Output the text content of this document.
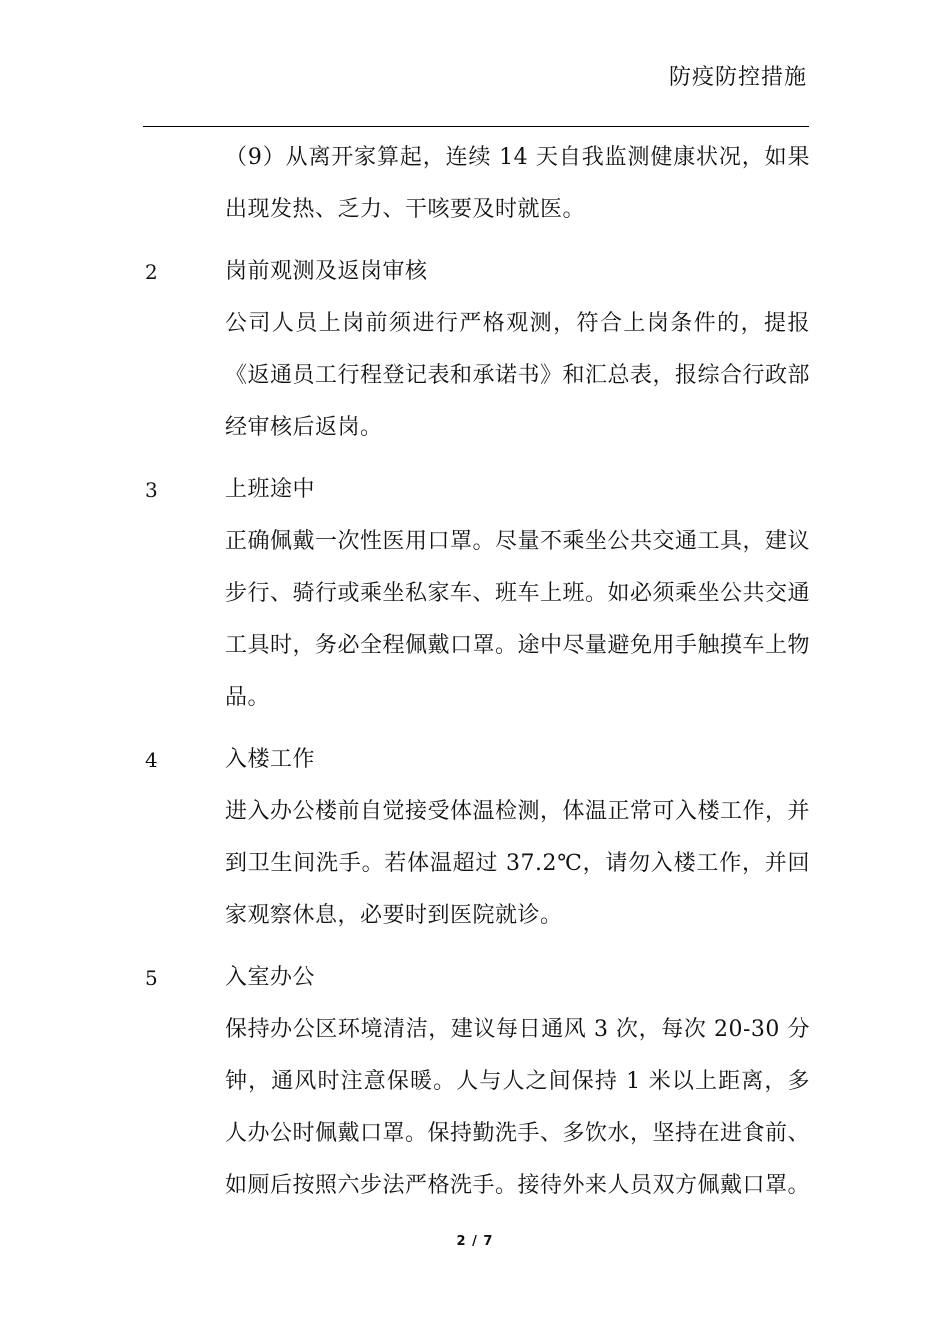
防疫防控措施
（9）从离开家算起，连续 14 天自我监测健康状况，如果出现发热、乏力、干咳要及时就医。
2	岗前观测及返岗审核
公司人员上岗前须进行严格观测，符合上岗条件的，提报《返通员工行程登记表和承诺书》和汇总表，报综合行政部经审核后返岗。
3	上班途中
正确佩戴一次性医用口罩。尽量不乘坐公共交通工具，建议步行、骑行或乘坐私家车、班车上班。如必须乘坐公共交通工具时，务必全程佩戴口罩。途中尽量避免用手触摸车上物品。
4	入楼工作
进入办公楼前自觉接受体温检测，体温正常可入楼工作，并到卫生间洗手。若体温超过 37.2℃，请勿入楼工作，并回家观察休息，必要时到医院就诊。
5	入室办公
保持办公区环境清洁，建议每日通风 3 次，每次 20-30 分钟，通风时注意保暖。人与人之间保持 1 米以上距离，多人办公时佩戴口罩。保持勤洗手、多饮水，坚持在进食前、如厕后按照六步法严格洗手。接待外来人员双方佩戴口罩。
2 / 7
